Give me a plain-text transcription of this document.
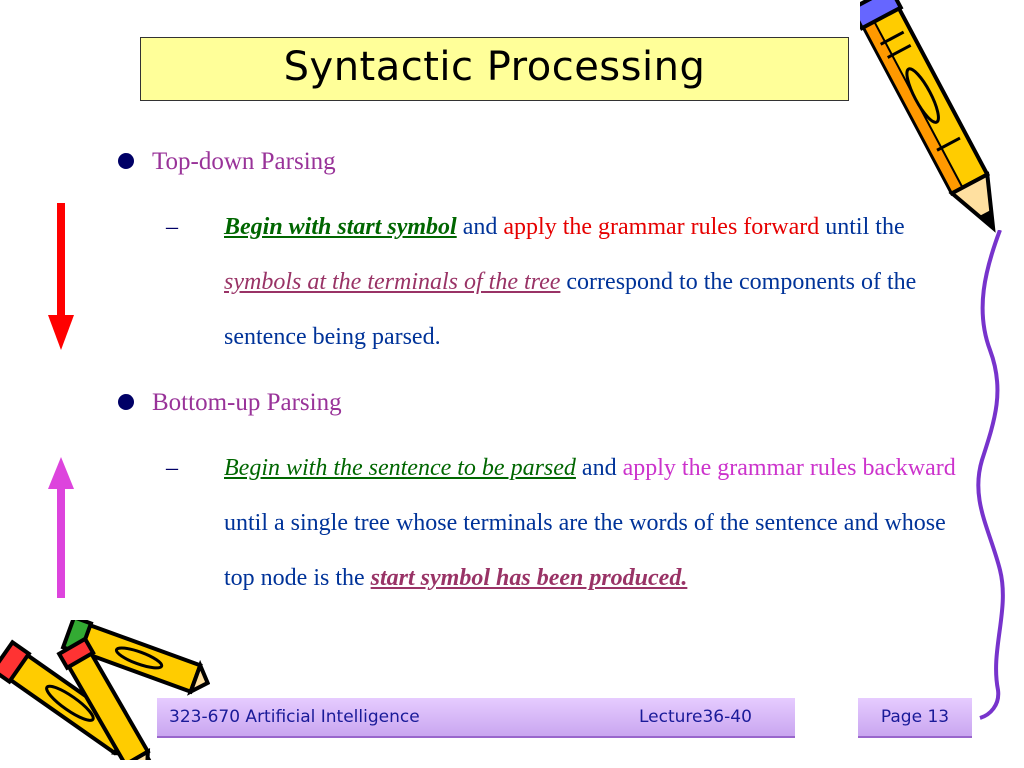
Syntactic Processing
Top-down Parsing
– Begin with start symbol and apply the grammar rules forward until the symbols at the terminals of the tree correspond to the components of the sentence being parsed.
Bottom-up Parsing
– Begin with the sentence to be parsed and apply the grammar rules backward until a single tree whose terminals are the words of the sentence and whose top node is the start symbol has been produced.
323-670 Artificial Intelligence	Lecture36-40	Page 13
